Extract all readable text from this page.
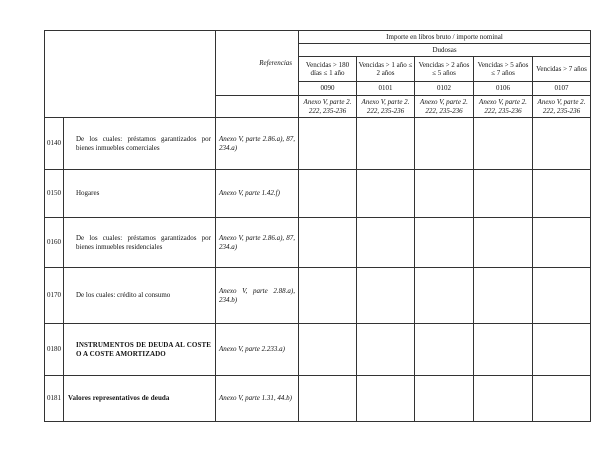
		Referencias	Importe en libros bruto / importe nominal				
			Dudosas				
			Vencidas > 180 días ≤ 1 año	Vencidas > 1 año ≤ 2 años	Vencidas > 2 años ≤ 5 años	Vencidas > 5 años ≤ 7 años	Vencidas > 7 años
			0090	0101	0102	0106	0107
			Anexo V, parte 2. 222, 235-236	Anexo V, parte 2. 222, 235-236	Anexo V, parte 2. 222, 235-236	Anexo V, parte 2. 222, 235-236	Anexo V, parte 2. 222, 235-236
0140	De los cuales: préstamos garantizados por bienes inmuebles comerciales	Anexo V, parte 2.86.a), 87, 234.a)					
0150	Hogares	Anexo V, parte 1.42.f)					
0160	De los cuales: préstamos garantizados por bienes inmuebles residenciales	Anexo V, parte 2.86.a), 87, 234.a)					
0170	De los cuales: crédito al consumo	Anexo V, parte 2.88.a), 234.b)					
0180	INSTRUMENTOS DE DEUDA AL COSTE O A COSTE AMORTIZADO	Anexo V, parte 2.233.a)					
0181	Valores representativos de deuda	Anexo V, parte 1.31, 44.b)					
